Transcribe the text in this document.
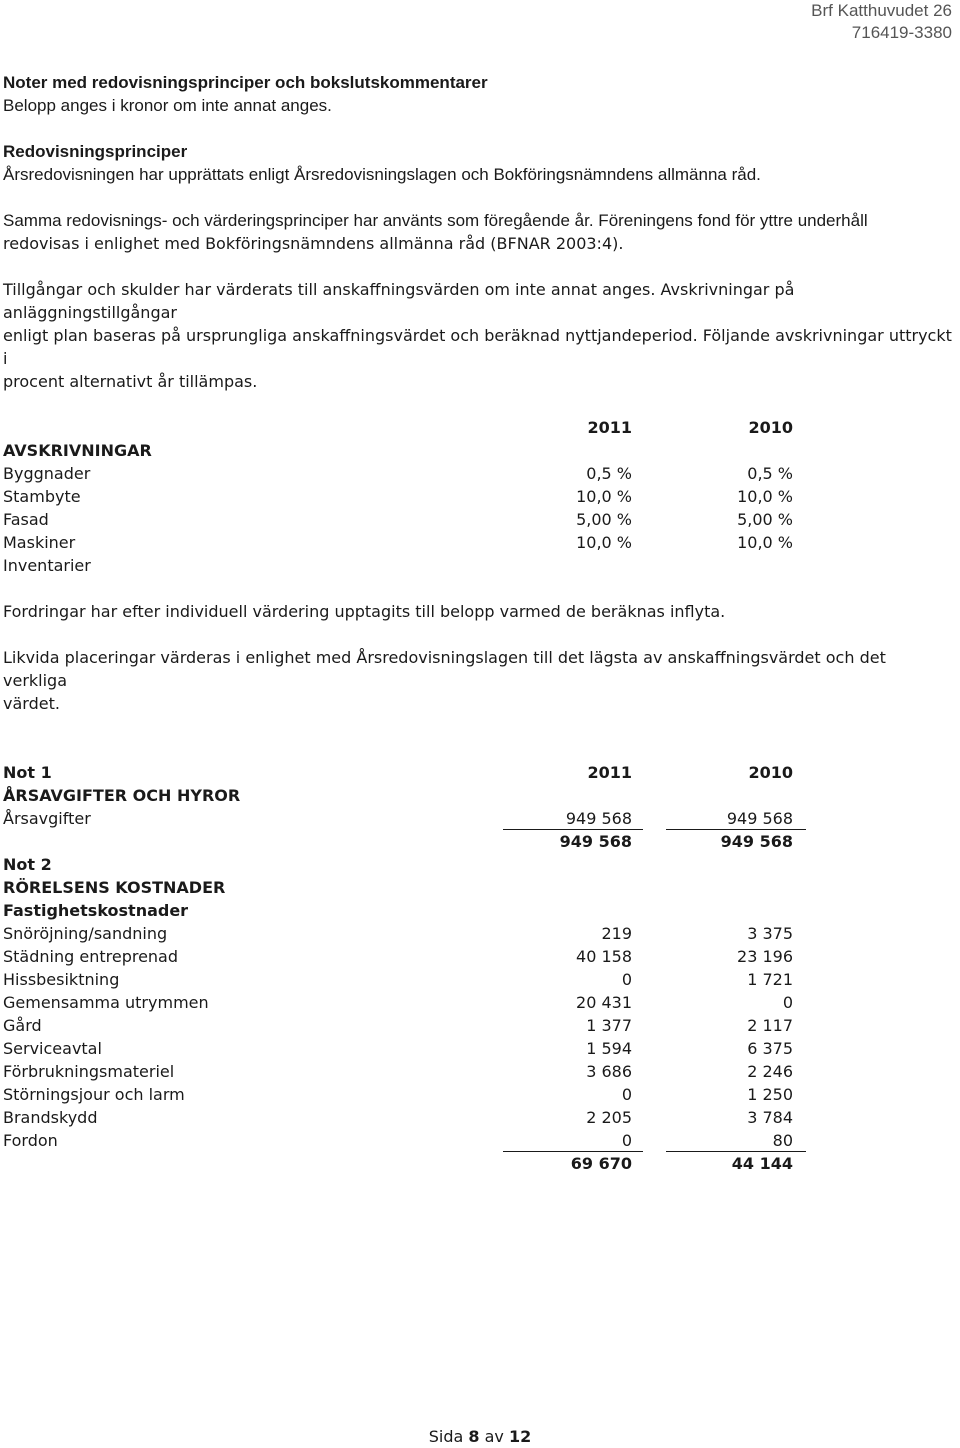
Brf Katthuvudet 26
716419-3380

Noter med redovisningsprinciper och bokslutskommentarer

Belopp anges i kronor om inte annat anges.

Redovisningsprinciper

Årsredovisningen har upprättats enligt Årsredovisningslagen och Bokföringsnämndens allmänna råd.

Samma redovisnings- och värderingsprinciper har använts som föregående år. Föreningens fond för yttre underhåll

redovisas i enlighet med Bokföringsnämndens allmänna råd (BFNAR 2003:4).

Tillgångar och skulder har värderats till anskaffningsvärden om inte annat anges. Avskrivningar på anläggningstillgångar

enligt plan baseras på ursprungliga anskaffningsvärdet och beräknad nyttjandeperiod. Följande avskrivningar uttryckt i

procent alternativt år tillämpas.

2011	2010
AVSKRIVNINGAR
Byggnader	0,5 %	0,5 %
Stambyte	10,0 %	10,0 %
Fasad	5,00 %	5,00 %
Maskiner	10,0 %	10,0 %
Inventarier

Fordringar har efter individuell värdering upptagits till belopp varmed de beräknas inflyta.

Likvida placeringar värderas i enlighet med Årsredovisningslagen till det lägsta av anskaffningsvärdet och det verkliga

värdet.

Not 1	2011	2010
ÅRSAVGIFTER OCH HYROR
Årsavgifter	949 568	949 568
949 568	949 568
Not 2
RÖRELSENS KOSTNADER
Fastighetskostnader
Snöröjning/sandning	219	3 375
Städning entreprenad	40 158	23 196
Hissbesiktning	0	1 721
Gemensamma utrymmen	20 431	0
Gård	1 377	2 117
Serviceavtal	1 594	6 375
Förbrukningsmateriel	3 686	2 246
Störningsjour och larm	0	1 250
Brandskydd	2 205	3 784
Fordon	0	80
69 670	44 144
Sida 8 av 12
